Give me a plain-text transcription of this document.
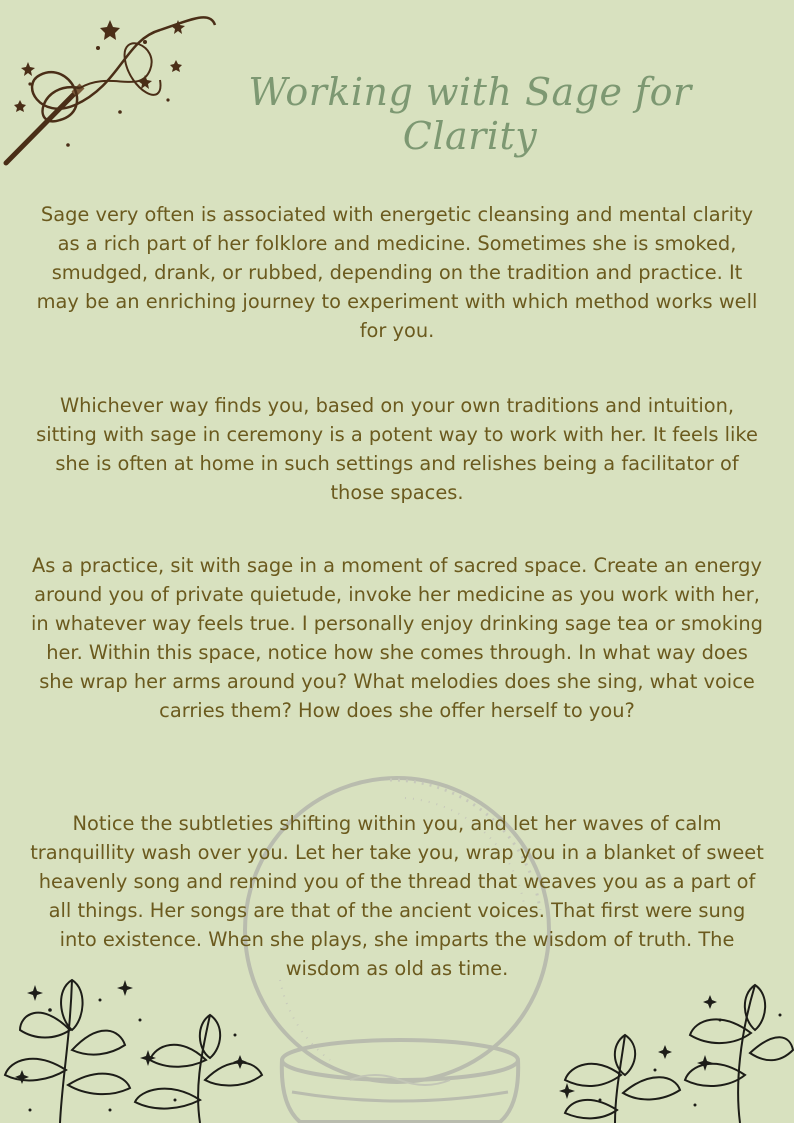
Working with Sage for Clarity

Sage very often is associated with energetic cleansing and mental clarity as a rich part of her folklore and medicine. Sometimes she is smoked, smudged, drank, or rubbed, depending on the tradition and practice. It may be an enriching journey to experiment with which method works well for you.

Whichever way finds you, based on your own traditions and intuition, sitting with sage in ceremony is a potent way to work with her. It feels like she is often at home in such settings and relishes being a facilitator of those spaces.

As a practice, sit with sage in a moment of sacred space. Create an energy around you of private quietude, invoke her medicine as you work with her, in whatever way feels true. I personally enjoy drinking sage tea or smoking her. Within this space, notice how she comes through. In what way does she wrap her arms around you? What melodies does she sing, what voice carries them? How does she offer herself to you?

Notice the subtleties shifting within you, and let her waves of calm tranquillity wash over you. Let her take you, wrap you in a blanket of sweet heavenly song and remind you of the thread that weaves you as a part of all things. Her songs are that of the ancient voices. That first were sung into existence. When she plays, she imparts the wisdom of truth. The wisdom as old as time.
